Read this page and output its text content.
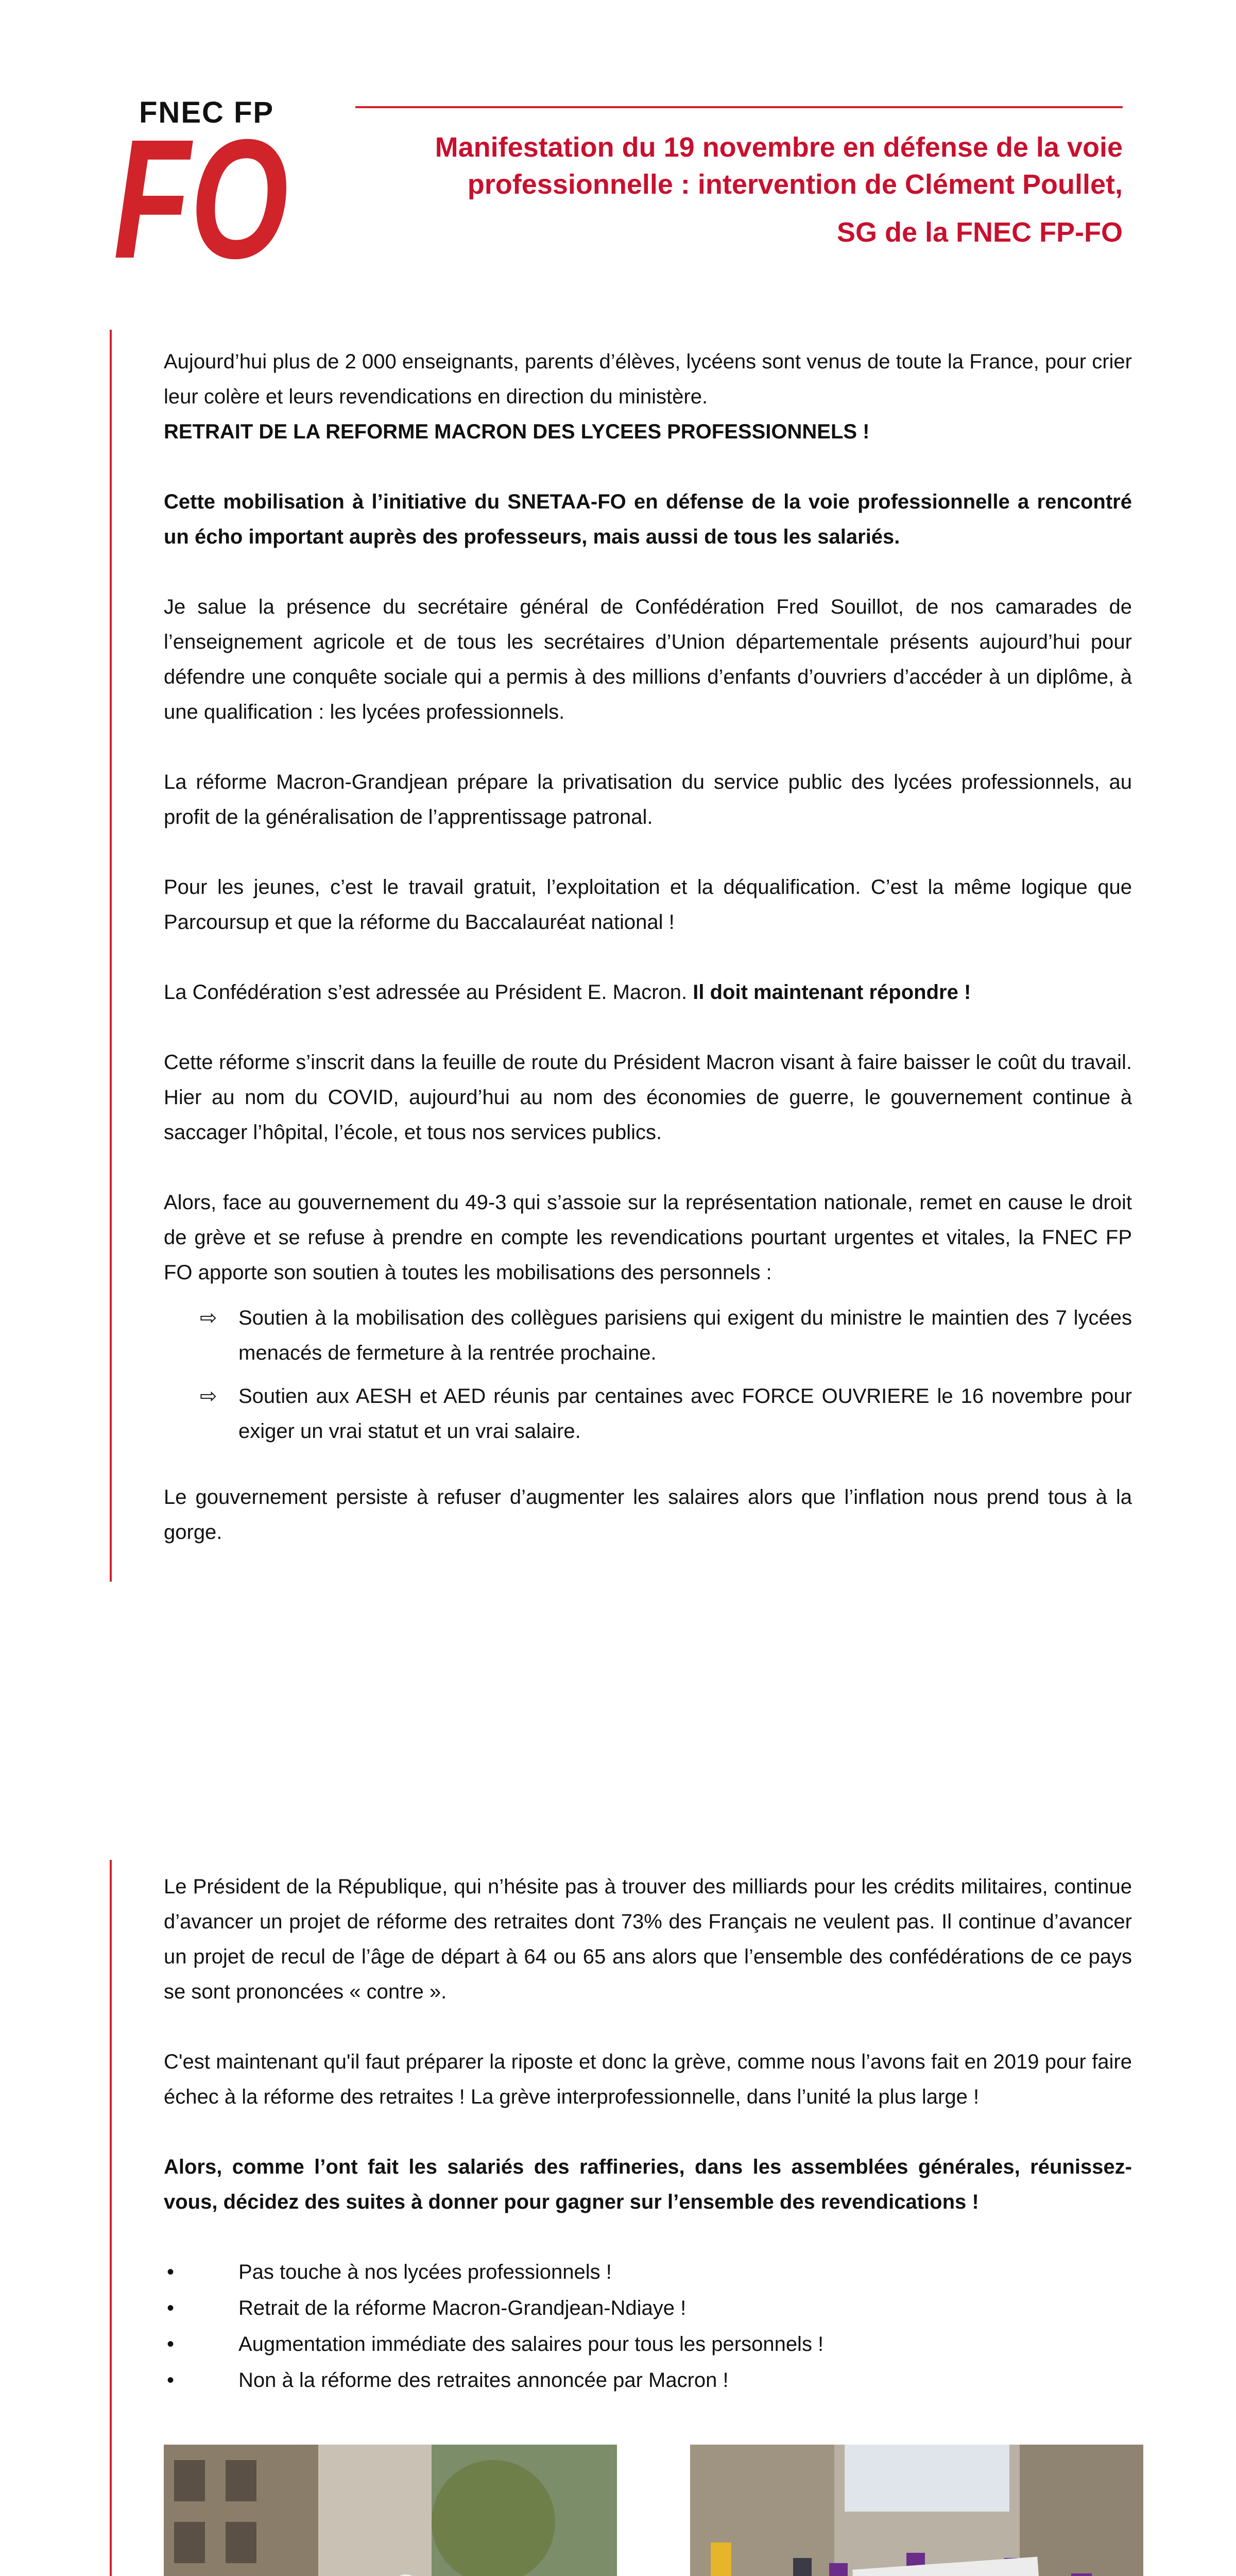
FNEC FP
FO	Manifestation du 19 novembre en défense de la voie professionnelle : intervention de Clément Poullet,
SG de la FNEC FP-FO

Aujourd’hui plus de 2 000 enseignants, parents d’élèves, lycéens sont venus de toute la France, pour crier leur colère et leurs revendications en direction du ministère.
RETRAIT DE LA REFORME MACRON DES LYCEES PROFESSIONNELS !

Cette mobilisation à l’initiative du SNETAA-FO en défense de la voie professionnelle a rencontré un écho important auprès des professeurs, mais aussi de tous les salariés.

Je salue la présence du secrétaire général de Confédération Fred Souillot, de nos camarades de l’enseignement agricole et de tous les secrétaires d’Union départementale présents aujourd’hui pour défendre une conquête sociale qui a permis à des millions d’enfants d’ouvriers d’accéder à un diplôme, à une qualification : les lycées professionnels.

La réforme Macron-Grandjean prépare la privatisation du service public des lycées professionnels, au profit de la généralisation de l’apprentissage patronal.

Pour les jeunes, c’est le travail gratuit, l’exploitation et la déqualification. C’est la même logique que Parcoursup et que la réforme du Baccalauréat national !

La Confédération s’est adressée au Président E. Macron. Il doit maintenant répondre !

Cette réforme s’inscrit dans la feuille de route du Président Macron visant à faire baisser le coût du travail. Hier au nom du COVID, aujourd’hui au nom des économies de guerre, le gouvernement continue à saccager l’hôpital, l’école, et tous nos services publics.

Alors, face au gouvernement du 49-3 qui s’assoie sur la représentation nationale, remet en cause le droit de grève et se refuse à prendre en compte les revendications pourtant urgentes et vitales, la FNEC FP FO apporte son soutien à toutes les mobilisations des personnels :

⇨ Soutien à la mobilisation des collègues parisiens qui exigent du ministre le maintien des 7 lycées menacés de fermeture à la rentrée prochaine.
⇨ Soutien aux AESH et AED réunis par centaines avec FORCE OUVRIERE le 16 novembre pour exiger un vrai statut et un vrai salaire.

Le gouvernement persiste à refuser d’augmenter les salaires alors que l’inflation nous prend tous à la gorge.

Le Président de la République, qui n’hésite pas à trouver des milliards pour les crédits militaires, continue d’avancer un projet de réforme des retraites dont 73% des Français ne veulent pas. Il continue d’avancer un projet de recul de l’âge de départ à 64 ou 65 ans alors que l’ensemble des confédérations de ce pays se sont prononcées « contre ».

C'est maintenant qu'il faut préparer la riposte et donc la grève, comme nous l’avons fait en 2019 pour faire échec à la réforme des retraites ! La grève interprofessionnelle, dans l’unité la plus large !

Alors, comme l’ont fait les salariés des raffineries, dans les assemblées générales, réunissez-vous, décidez des suites à donner pour gagner sur l’ensemble des revendications !

• Pas touche à nos lycées professionnels !
• Retrait de la réforme Macron-Grandjean-Ndiaye !
• Augmentation immédiate des salaires pour tous les personnels !
• Non à la réforme des retraites annoncée par Macron !
